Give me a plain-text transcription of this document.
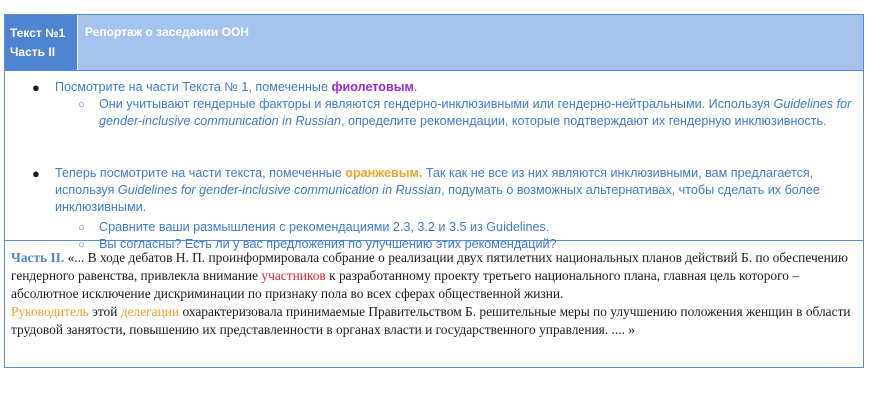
Текст №1
Часть II
Репортаж о заседании ООН
● Посмотрите на части Текста № 1, помеченные фиолетовым.
○ Они учитывают гендерные факторы и являются гендерно-инклюзивными или гендерно-нейтральными. Используя Guidelines for gender-inclusive communication in Russian, определите рекомендации, которые подтверждают их гендерную инклюзивность.
● Теперь посмотрите на части текста, помеченные оранжевым. Так как не все из них являются инклюзивными, вам предлагается, используя Guidelines for gender-inclusive communication in Russian, подумать о возможных альтернативах, чтобы сделать их более инклюзивными.
○ Сравните ваши размышления с рекомендациями 2.3, 3.2 и 3.5 из Guidelines.
○ Вы согласны? Есть ли у вас предложения по улучшению этих рекомендаций?
Часть II. «... В ходе дебатов Н. П. проинформировала собрание о реализации двух пятилетних национальных планов действий Б. по обеспечению гендерного равенства, привлекла внимание участников к разработанному проекту третьего национального плана, главная цель которого – абсолютное исключение дискриминации по признаку пола во всех сферах общественной жизни.
Руководитель этой делегации охарактеризовала принимаемые Правительством Б. решительные меры по улучшению положения женщин в области трудовой занятости, повышению их представленности в органах власти и государственного управления. .... »
